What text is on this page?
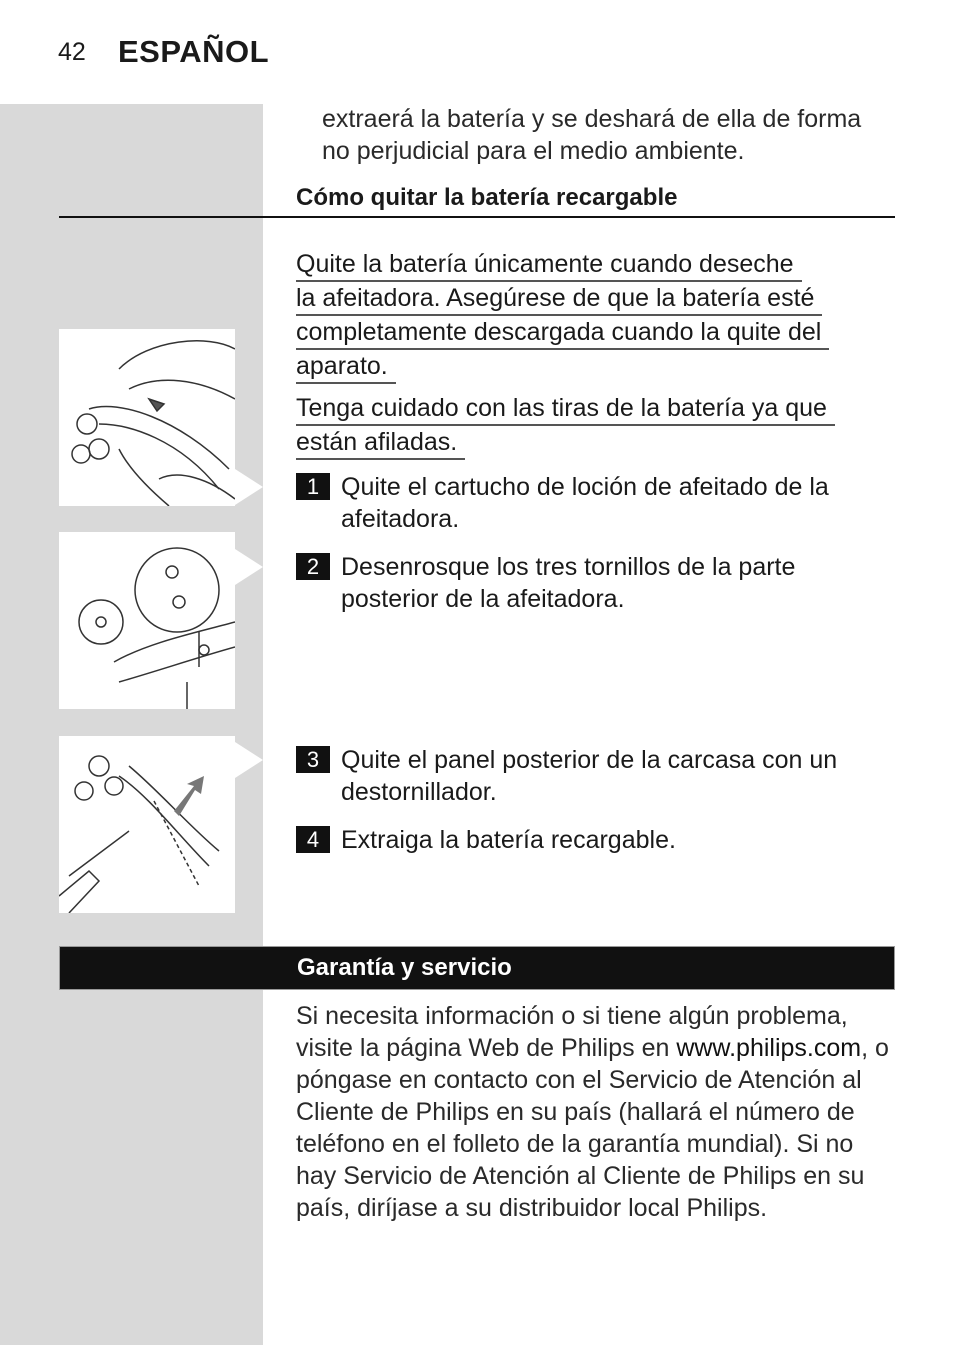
42 ESPAÑOL
extraerá la batería y se deshará de ella de forma
no perjudicial para el medio ambiente.
Cómo quitar la batería recargable
Quite la batería únicamente cuando deseche
la afeitadora. Asegúrese de que la batería esté
completamente descargada cuando la quite del
aparato.
Tenga cuidado con las tiras de la batería ya que
están afiladas.
1 Quite el cartucho de loción de afeitado de la afeitadora.
2 Desenrosque los tres tornillos de la parte posterior de la afeitadora.
3 Quite el panel posterior de la carcasa con un destornillador.
4 Extraiga la batería recargable.
Garantía y servicio
Si necesita información o si tiene algún problema, visite la página Web de Philips en www.philips.com, o póngase en contacto con el Servicio de Atención al Cliente de Philips en su país (hallará el número de teléfono en el folleto de la garantía mundial). Si no hay Servicio de Atención al Cliente de Philips en su país, diríjase a su distribuidor local Philips.
